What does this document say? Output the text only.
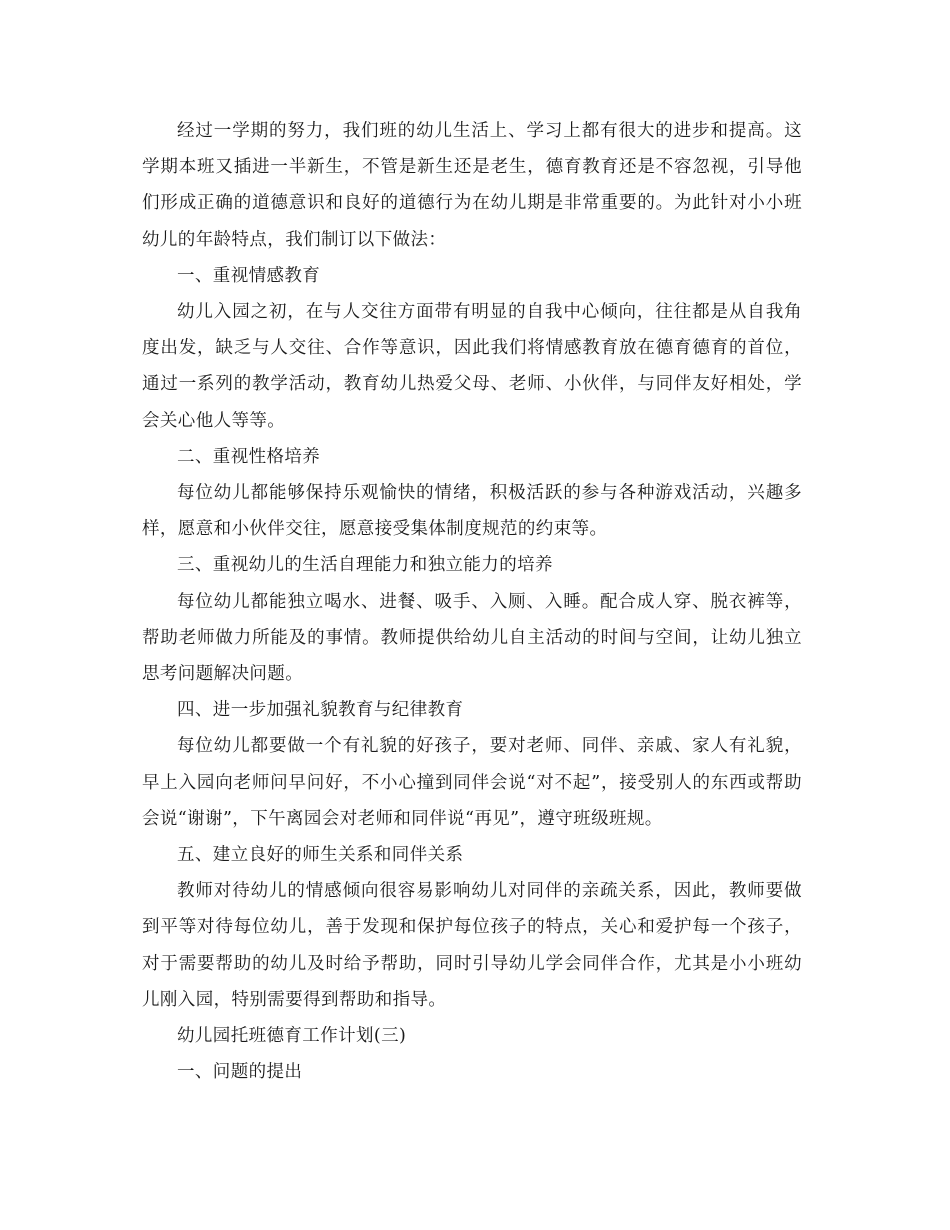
经过一学期的努力，我们班的幼儿生活上、学习上都有很大的进步和提高。这学期本班又插进一半新生，不管是新生还是老生，德育教育还是不容忽视，引导他们形成正确的道德意识和良好的道德行为在幼儿期是非常重要的。为此针对小小班幼儿的年龄特点，我们制订以下做法：

一、重视情感教育

幼儿入园之初，在与人交往方面带有明显的自我中心倾向，往往都是从自我角度出发，缺乏与人交往、合作等意识，因此我们将情感教育放在德育德育的首位，通过一系列的教学活动，教育幼儿热爱父母、老师、小伙伴，与同伴友好相处，学会关心他人等等。

二、重视性格培养

每位幼儿都能够保持乐观愉快的情绪，积极活跃的参与各种游戏活动，兴趣多样，愿意和小伙伴交往，愿意接受集体制度规范的约束等。

三、重视幼儿的生活自理能力和独立能力的培养

每位幼儿都能独立喝水、进餐、吸手、入厕、入睡。配合成人穿、脱衣裤等，帮助老师做力所能及的事情。教师提供给幼儿自主活动的时间与空间，让幼儿独立思考问题解决问题。

四、进一步加强礼貌教育与纪律教育

每位幼儿都要做一个有礼貌的好孩子，要对老师、同伴、亲戚、家人有礼貌，早上入园向老师问早问好，不小心撞到同伴会说“对不起”，接受别人的东西或帮助会说“谢谢”，下午离园会对老师和同伴说“再见”，遵守班级班规。

五、建立良好的师生关系和同伴关系

教师对待幼儿的情感倾向很容易影响幼儿对同伴的亲疏关系，因此，教师要做到平等对待每位幼儿，善于发现和保护每位孩子的特点，关心和爱护每一个孩子，对于需要帮助的幼儿及时给予帮助，同时引导幼儿学会同伴合作，尤其是小小班幼儿刚入园，特别需要得到帮助和指导。

幼儿园托班德育工作计划(三)

一、问题的提出
